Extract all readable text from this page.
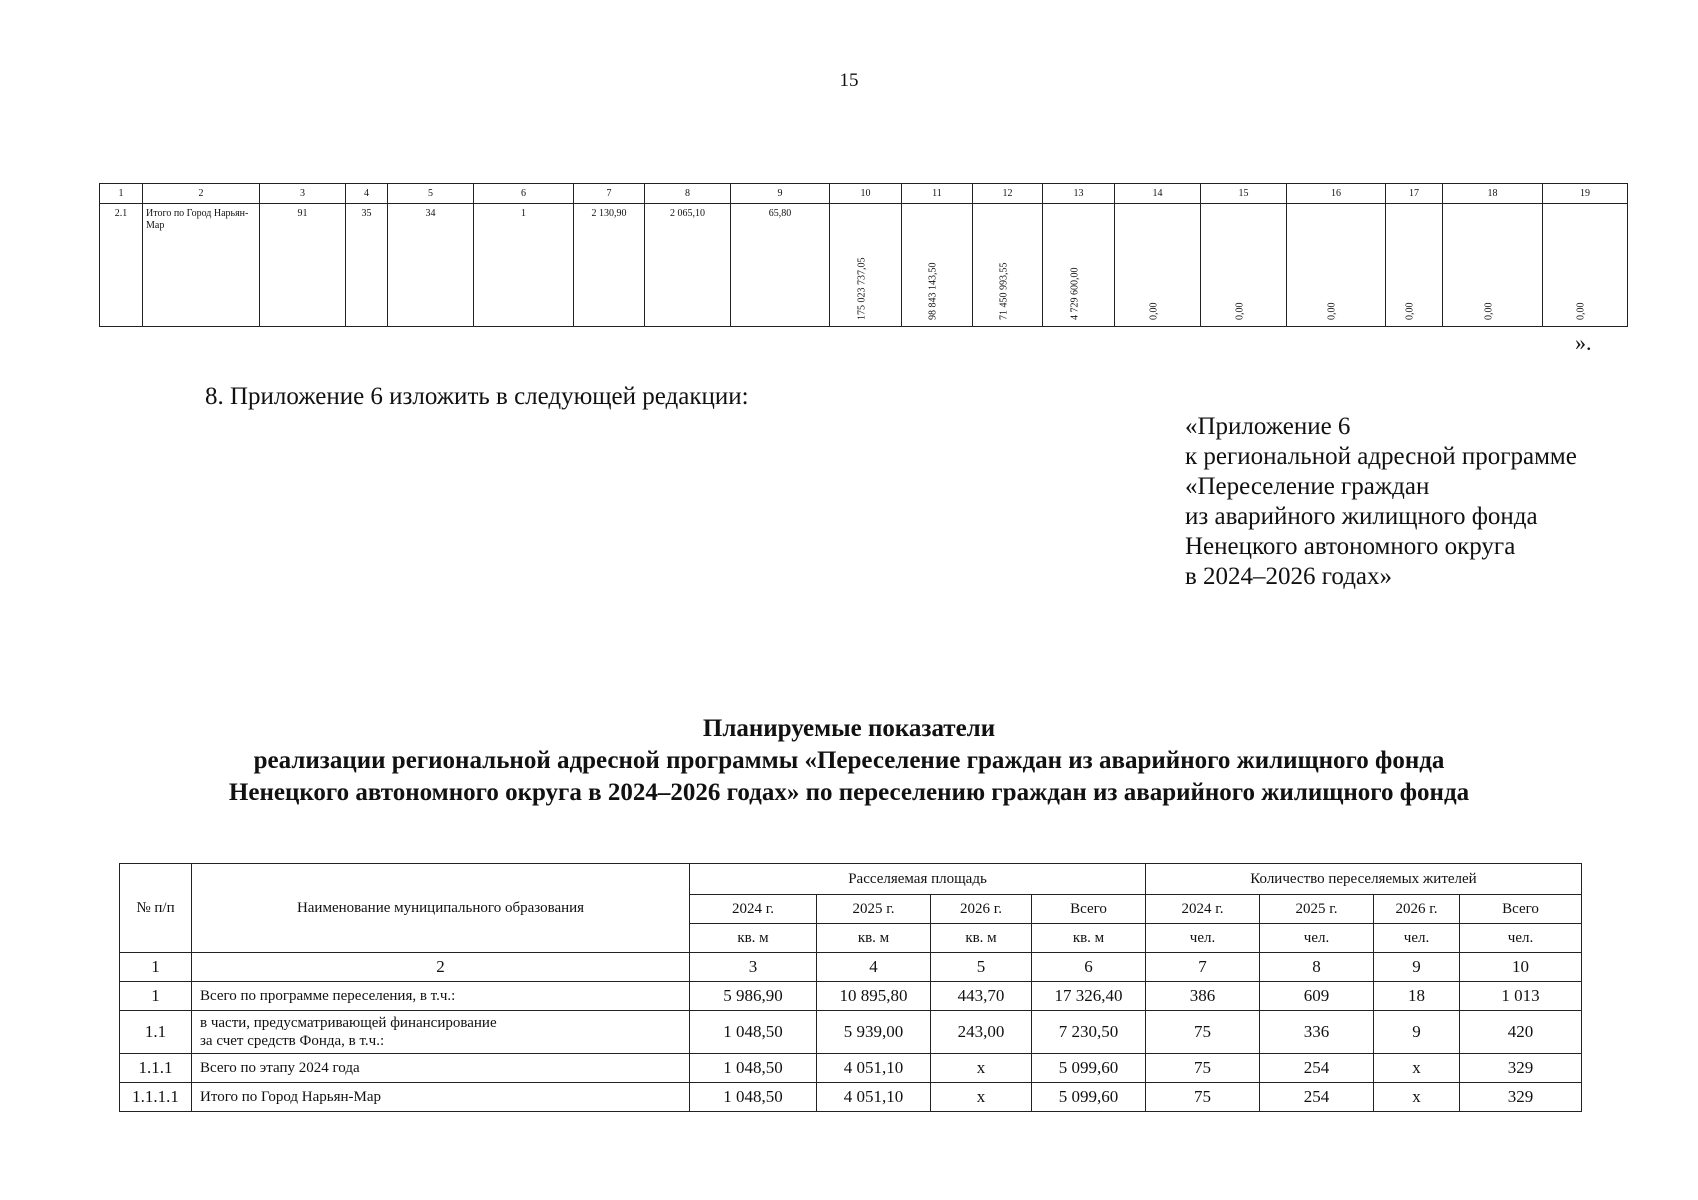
15
1	2	3	4	5	6	7	8	9	10	11	12	13	14	15	16	17	18	19
2.1	Итого по Город Нарьян-Мар	91	35	34	1	2 130,90	2 065,10	65,80	175 023 737,05	98 843 143,50	71 450 993,55	4 729 600,00	0,00	0,00	0,00	0,00	0,00	0,00
».
8. Приложение 6 изложить в следующей редакции:
«Приложение 6
к региональной адресной программе
«Переселение граждан
из аварийного жилищного фонда
Ненецкого автономного округа
в 2024–2026 годах»
Планируемые показатели
реализации региональной адресной программы «Переселение граждан из аварийного жилищного фонда
Ненецкого автономного округа в 2024–2026 годах» по переселению граждан из аварийного жилищного фонда
№ п/п	Наименование муниципального образования	Расселяемая площадь				Количество переселяемых жителей			
		2024 г.	2025 г.	2026 г.	Всего	2024 г.	2025 г.	2026 г.	Всего
		кв. м	кв. м	кв. м	кв. м	чел.	чел.	чел.	чел.
1	2	3	4	5	6	7	8	9	10
1	Всего по программе переселения, в т.ч.:	5 986,90	10 895,80	443,70	17 326,40	386	609	18	1 013
1.1	в части, предусматривающей финансирование
за счет средств Фонда, в т.ч.:	1 048,50	5 939,00	243,00	7 230,50	75	336	9	420
1.1.1	Всего по этапу 2024 года	1 048,50	4 051,10	х	5 099,60	75	254	х	329
1.1.1.1	Итого по Город Нарьян-Мар	1 048,50	4 051,10	х	5 099,60	75	254	х	329
